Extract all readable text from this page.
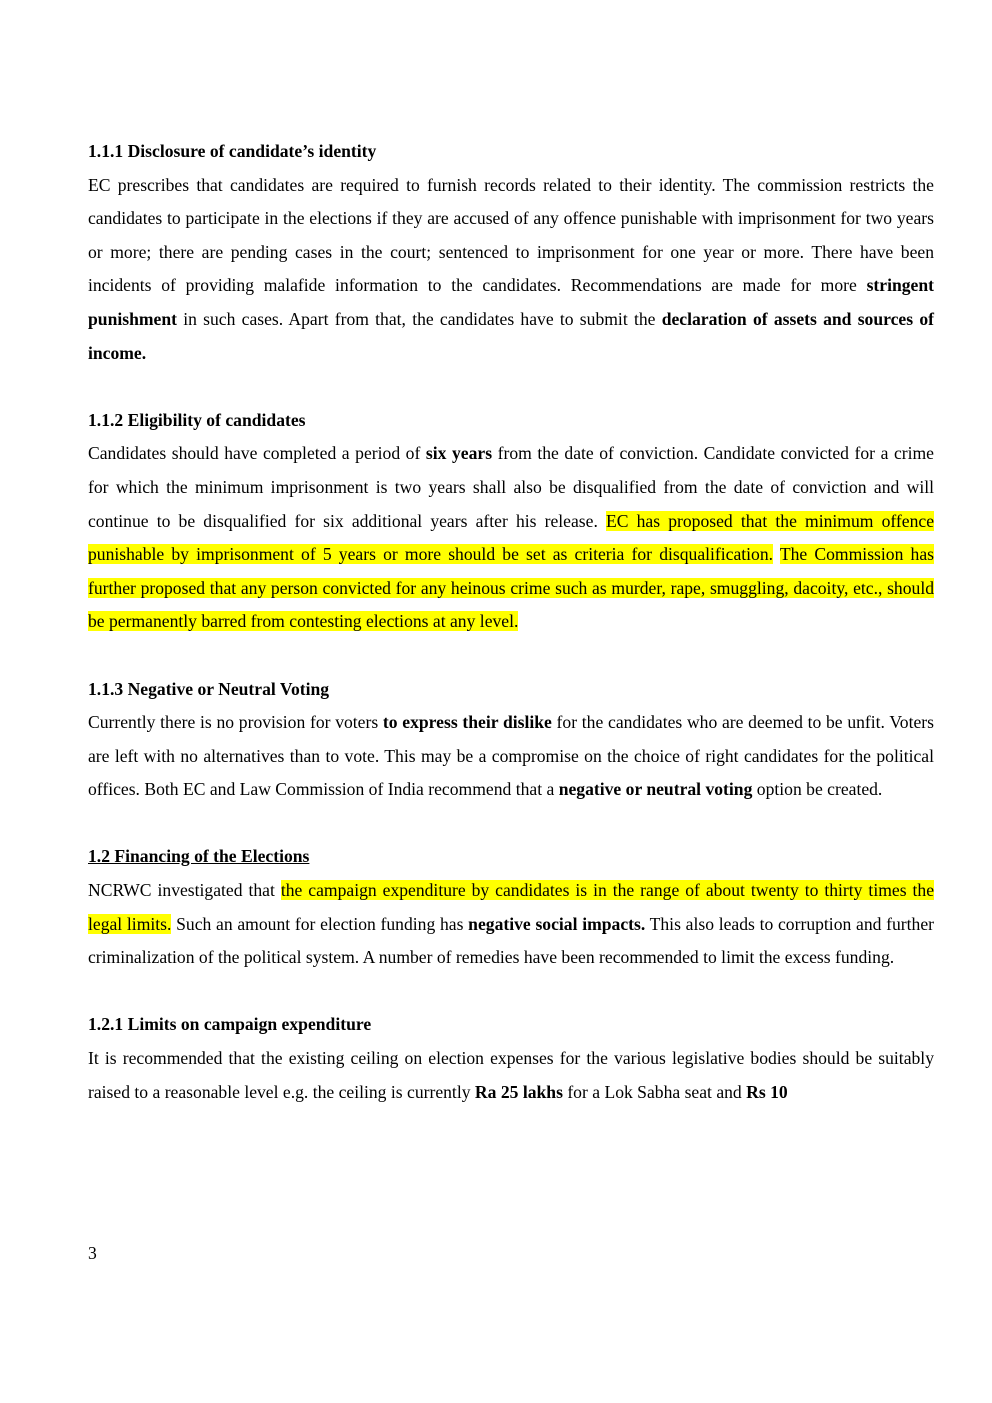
1.1.1 Disclosure of candidate’s identity
EC prescribes that candidates are required to furnish records related to their identity. The commission restricts the candidates to participate in the elections if they are accused of any offence punishable with imprisonment for two years or more; there are pending cases in the court; sentenced to imprisonment for one year or more. There have been incidents of providing malafide information to the candidates. Recommendations are made for more stringent punishment in such cases. Apart from that, the candidates have to submit the declaration of assets and sources of income.
1.1.2 Eligibility of candidates
Candidates should have completed a period of six years from the date of conviction. Candidate convicted for a crime for which the minimum imprisonment is two years shall also be disqualified from the date of conviction and will continue to be disqualified for six additional years after his release. EC has proposed that the minimum offence punishable by imprisonment of 5 years or more should be set as criteria for disqualification. The Commission has further proposed that any person convicted for any heinous crime such as murder, rape, smuggling, dacoity, etc., should be permanently barred from contesting elections at any level.
1.1.3 Negative or Neutral Voting
Currently there is no provision for voters to express their dislike for the candidates who are deemed to be unfit. Voters are left with no alternatives than to vote. This may be a compromise on the choice of right candidates for the political offices. Both EC and Law Commission of India recommend that a negative or neutral voting option be created.
1.2 Financing of the Elections
NCRWC investigated that the campaign expenditure by candidates is in the range of about twenty to thirty times the legal limits. Such an amount for election funding has negative social impacts. This also leads to corruption and further criminalization of the political system. A number of remedies have been recommended to limit the excess funding.
1.2.1 Limits on campaign expenditure
It is recommended that the existing ceiling on election expenses for the various legislative bodies should be suitably raised to a reasonable level e.g. the ceiling is currently Ra 25 lakhs for a Lok Sabha seat and Rs 10
3
